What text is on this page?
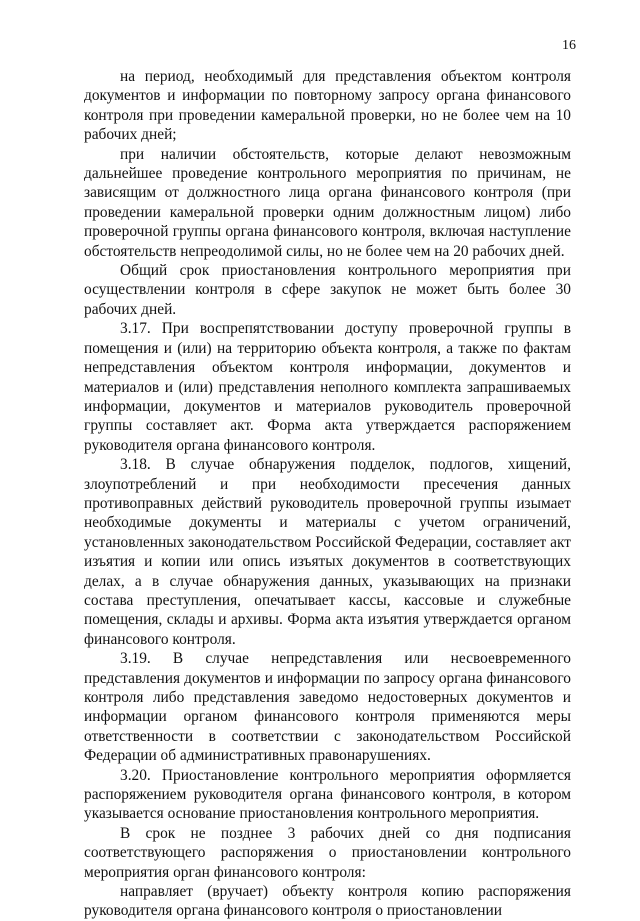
16

на период, необходимый для представления объектом контроля документов и информации по повторному запросу органа финансового контроля при проведении камеральной проверки, но не более чем на 10 рабочих дней;

при наличии обстоятельств, которые делают невозможным дальнейшее проведение контрольного мероприятия по причинам, не зависящим от должностного лица органа финансового контроля (при проведении камеральной проверки одним должностным лицом) либо проверочной группы органа финансового контроля, включая наступление обстоятельств непреодолимой силы, но не более чем на 20 рабочих дней.

Общий срок приостановления контрольного мероприятия при осуществлении контроля в сфере закупок не может быть более 30 рабочих дней.

3.17. При воспрепятствовании доступу проверочной группы в помещения и (или) на территорию объекта контроля, а также по фактам непредставления объектом контроля информации, документов и материалов и (или) представления неполного комплекта запрашиваемых информации, документов и материалов руководитель проверочной группы составляет акт. Форма акта утверждается распоряжением руководителя органа финансового контроля.

3.18. В случае обнаружения подделок, подлогов, хищений, злоупотреблений и при необходимости пресечения данных противоправных действий руководитель проверочной группы изымает необходимые документы и материалы с учетом ограничений, установленных законодательством Российской Федерации, составляет акт изъятия и копии или опись изъятых документов в соответствующих делах, а в случае обнаружения данных, указывающих на признаки состава преступления, опечатывает кассы, кассовые и служебные помещения, склады и архивы. Форма акта изъятия утверждается органом финансового контроля.

3.19. В случае непредставления или несвоевременного представления документов и информации по запросу органа финансового контроля либо представления заведомо недостоверных документов и информации органом финансового контроля применяются меры ответственности в соответствии с законодательством Российской Федерации об административных правонарушениях.

3.20. Приостановление контрольного мероприятия оформляется распоряжением руководителя органа финансового контроля, в котором указывается основание приостановления контрольного мероприятия.

В срок не позднее 3 рабочих дней со дня подписания соответствующего распоряжения о приостановлении контрольного мероприятия орган финансового контроля:

направляет (вручает) объекту контроля копию распоряжения руководителя органа финансового контроля о приостановлении
